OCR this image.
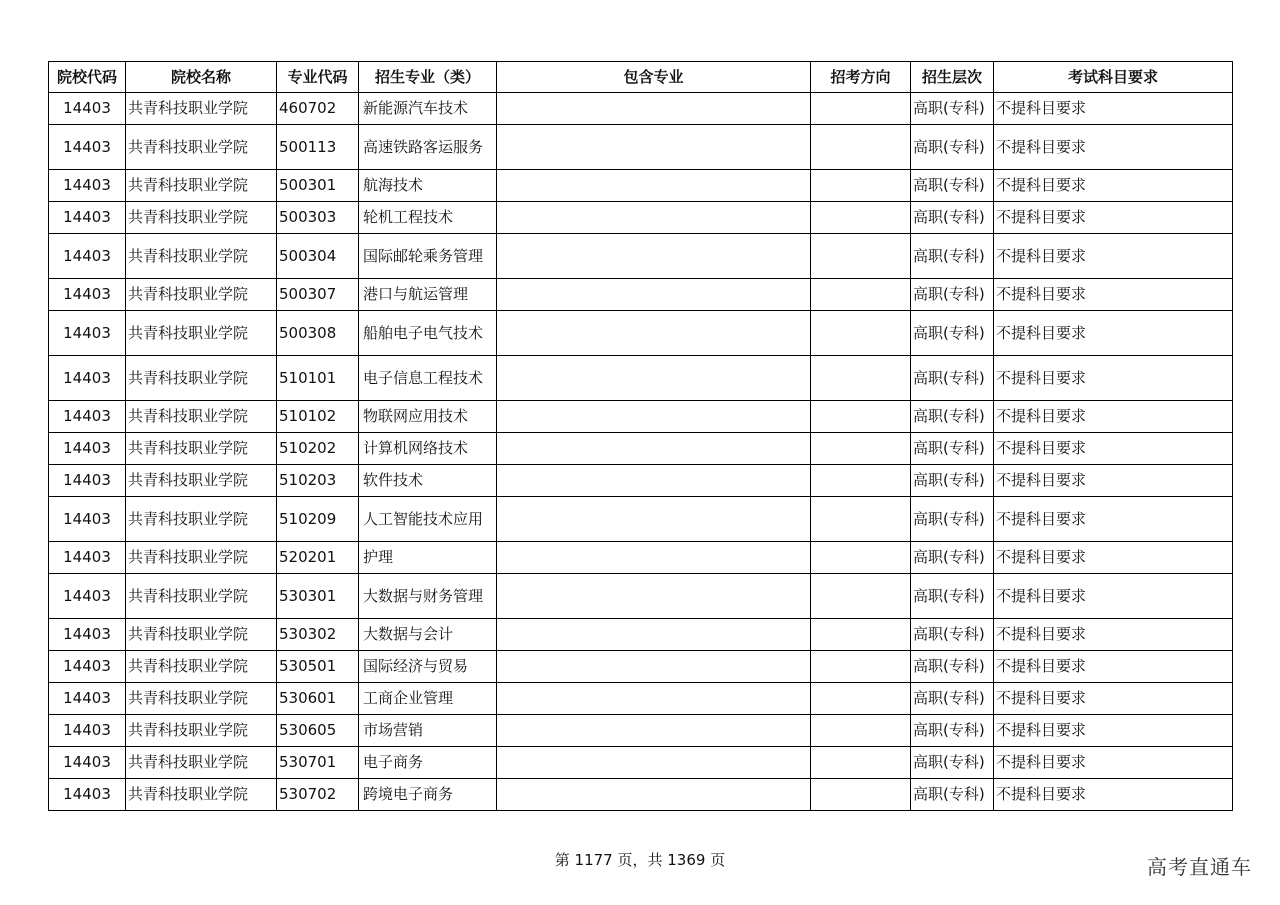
院校代码	院校名称	专业代码	招生专业（类）	包含专业	招考方向	招生层次	考试科目要求
14403	共青科技职业学院	460702	新能源汽车技术			高职(专科)	不提科目要求
14403	共青科技职业学院	500113	高速铁路客运服务			高职(专科)	不提科目要求
14403	共青科技职业学院	500301	航海技术			高职(专科)	不提科目要求
14403	共青科技职业学院	500303	轮机工程技术			高职(专科)	不提科目要求
14403	共青科技职业学院	500304	国际邮轮乘务管理			高职(专科)	不提科目要求
14403	共青科技职业学院	500307	港口与航运管理			高职(专科)	不提科目要求
14403	共青科技职业学院	500308	船舶电子电气技术			高职(专科)	不提科目要求
14403	共青科技职业学院	510101	电子信息工程技术			高职(专科)	不提科目要求
14403	共青科技职业学院	510102	物联网应用技术			高职(专科)	不提科目要求
14403	共青科技职业学院	510202	计算机网络技术			高职(专科)	不提科目要求
14403	共青科技职业学院	510203	软件技术			高职(专科)	不提科目要求
14403	共青科技职业学院	510209	人工智能技术应用			高职(专科)	不提科目要求
14403	共青科技职业学院	520201	护理			高职(专科)	不提科目要求
14403	共青科技职业学院	530301	大数据与财务管理			高职(专科)	不提科目要求
14403	共青科技职业学院	530302	大数据与会计			高职(专科)	不提科目要求
14403	共青科技职业学院	530501	国际经济与贸易			高职(专科)	不提科目要求
14403	共青科技职业学院	530601	工商企业管理			高职(专科)	不提科目要求
14403	共青科技职业学院	530605	市场营销			高职(专科)	不提科目要求
14403	共青科技职业学院	530701	电子商务			高职(专科)	不提科目要求
14403	共青科技职业学院	530702	跨境电子商务			高职(专科)	不提科目要求
第 1177 页，共 1369 页	高考直通车
